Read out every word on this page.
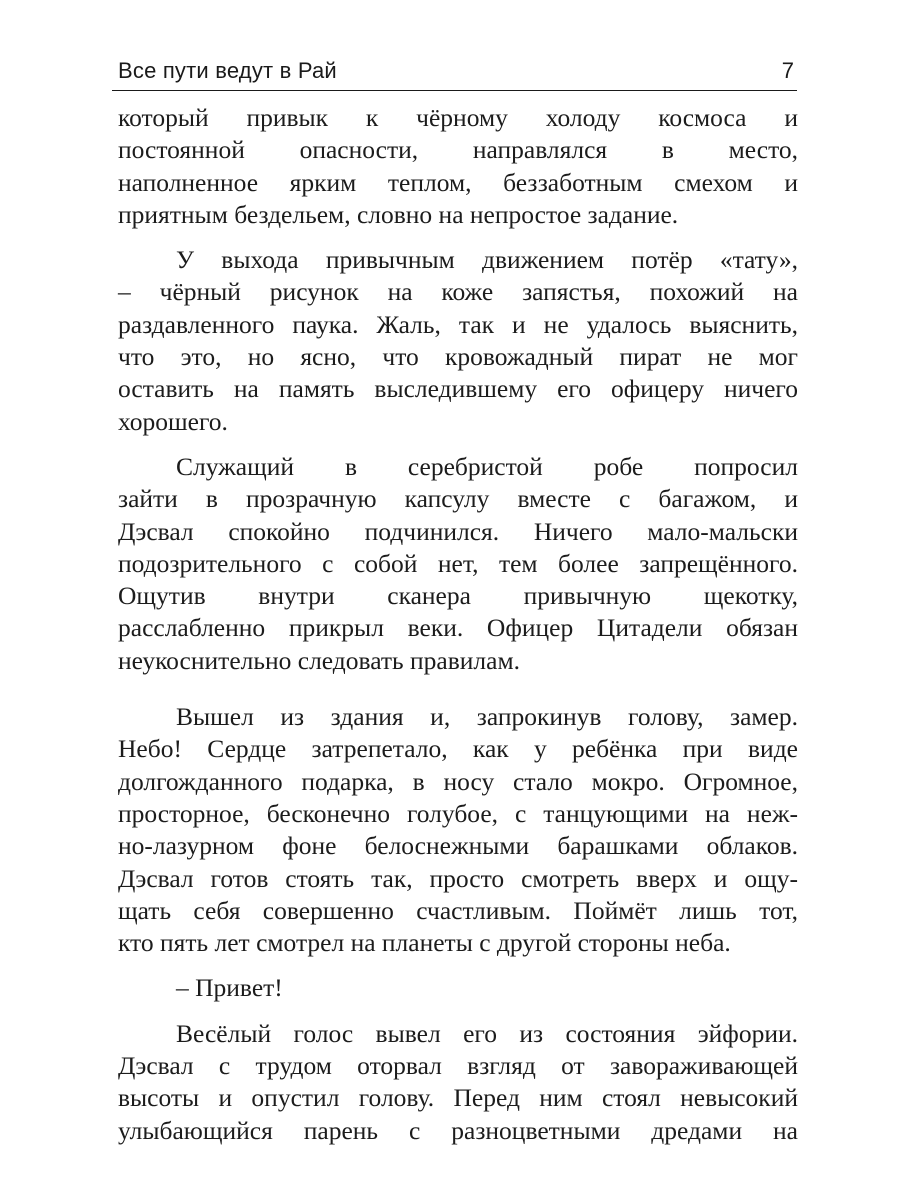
Все пути ведут в Рай	7
который привык к чёрному холоду космоса и
постоянной опасности, направлялся в место,
наполненное ярким теплом, беззаботным смехом и
приятным бездельем, словно на непростое задание.
У выхода привычным движением потёр «тату»,
– чёрный рисунок на коже запястья, похожий на
раздавленного паука. Жаль, так и не удалось выяснить,
что это, но ясно, что кровожадный пират не мог
оставить на память выследившему его офицеру ничего
хорошего.
Служащий в серебристой робе попросил
зайти в прозрачную капсулу вместе с багажом, и
Дэсвал спокойно подчинился. Ничего мало-мальски
подозрительного с собой нет, тем более запрещённого.
Ощутив внутри сканера привычную щекотку,
расслабленно прикрыл веки. Офицер Цитадели обязан
неукоснительно следовать правилам.
Вышел из здания и, запрокинув голову, замер.
Небо! Сердце затрепетало, как у ребёнка при виде
долгожданного подарка, в носу стало мокро. Огромное,
просторное, бесконечно голубое, с танцующими на неж-
но-лазурном фоне белоснежными барашками облаков.
Дэсвал готов стоять так, просто смотреть вверх и ощу-
щать себя совершенно счастливым. Поймёт лишь тот,
кто пять лет смотрел на планеты с другой стороны неба.
– Привет!
Весёлый голос вывел его из состояния эйфории.
Дэсвал с трудом оторвал взгляд от завораживающей
высоты и опустил голову. Перед ним стоял невысокий
улыбающийся парень с разноцветными дредами на
